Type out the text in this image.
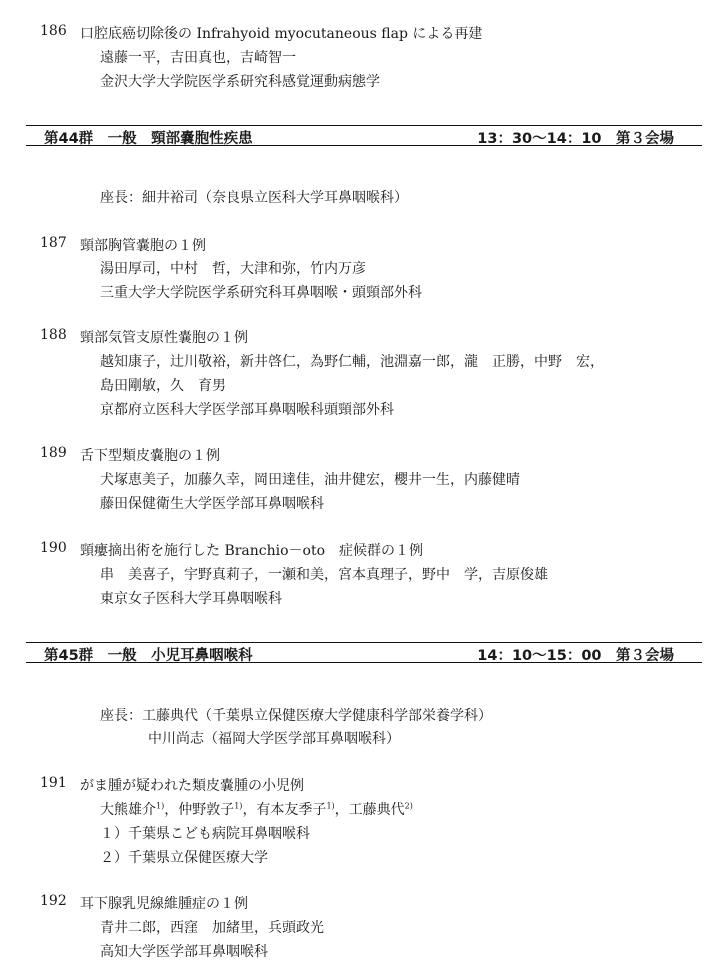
186 口腔底癌切除後の Infrahyoid myocutaneous flap による再建
遠藤一平，吉田真也，吉崎智一
金沢大学大学院医学系研究科感覚運動病態学
第44群　一般　頸部嚢胞性疾患	13：30〜14：10　第３会場
座長：細井裕司（奈良県立医科大学耳鼻咽喉科）
187 頸部胸管嚢胞の１例
湯田厚司，中村　哲，大津和弥，竹内万彦
三重大学大学院医学系研究科耳鼻咽喉・頭頸部外科
188 頸部気管支原性嚢胞の１例
越知康子，辻川敬裕，新井啓仁，為野仁輔，池淵嘉一郎，瀧　正勝，中野　宏，
島田剛敏，久　育男
京都府立医科大学医学部耳鼻咽喉科頭頸部外科
189 舌下型類皮嚢胞の１例
犬塚恵美子，加藤久幸，岡田達佳，油井健宏，櫻井一生，内藤健晴
藤田保健衛生大学医学部耳鼻咽喉科
190 頸瘻摘出術を施行した Branchio－oto　症候群の１例
串　美喜子，宇野真莉子，一瀬和美，宮本真理子，野中　学，吉原俊雄
東京女子医科大学耳鼻咽喉科
第45群　一般　小児耳鼻咽喉科	14：10〜15：00　第３会場
座長：工藤典代（千葉県立保健医療大学健康科学部栄養学科）
中川尚志（福岡大学医学部耳鼻咽喉科）
191 がま腫が疑われた類皮嚢腫の小児例
大熊雄介$^{1)}$，仲野敦子$^{1)}$，有本友季子$^{1)}$，工藤典代$^{2)}$
１）千葉県こども病院耳鼻咽喉科
２）千葉県立保健医療大学
192 耳下腺乳児線維腫症の１例
青井二郎，西窪　加緒里，兵頭政光
高知大学医学部耳鼻咽喉科
